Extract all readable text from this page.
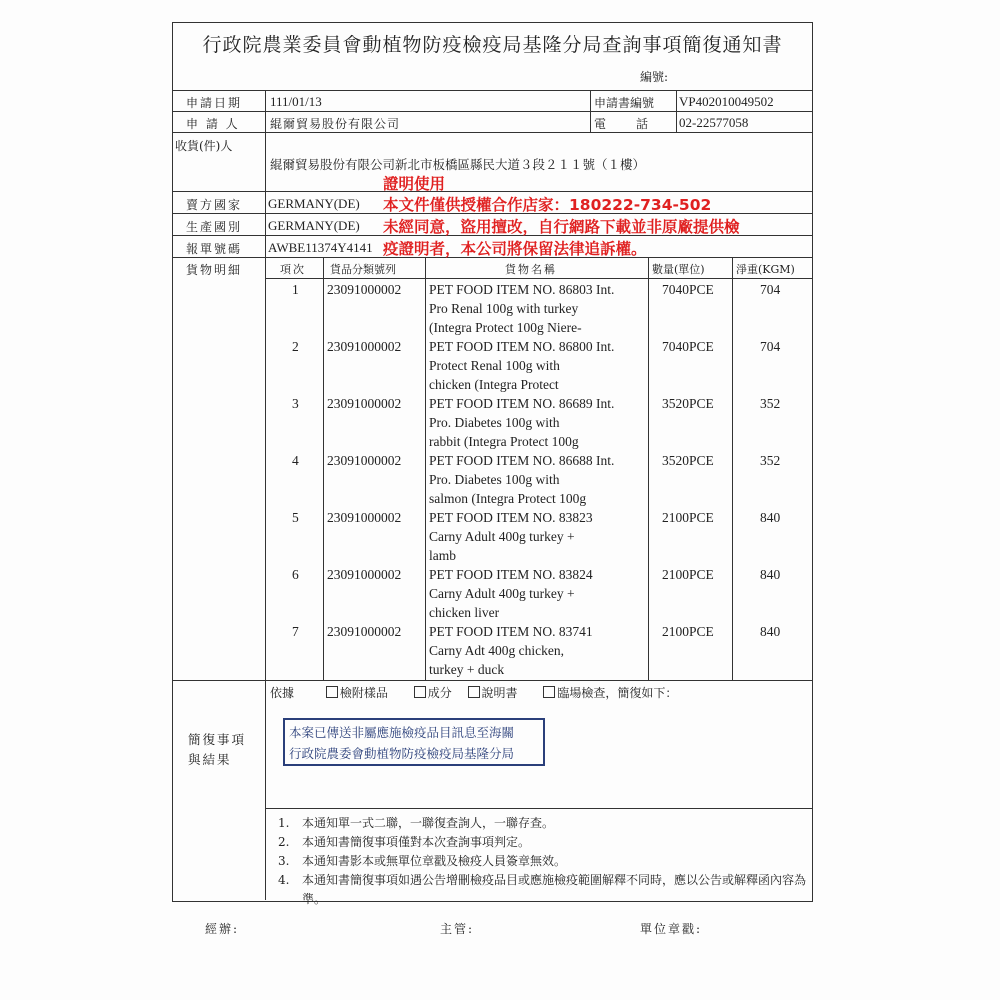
行政院農業委員會動植物防疫檢疫局基隆分局查詢事項簡復通知書
編號:
申請日期 111/01/13	申請書編號 VP402010049502
申 請 人	緄爾貿易股份有限公司	電　　話 02-22577058
收貨(件)人
緄爾貿易股份有限公司新北市板橋區縣民大道３段２１１號（１樓）
賣方國家 GERMANY(DE)
生產國別 GERMANY(DE)
報單號碼 AWBE11374Y4141
貨物明細
證明使用
本文件僅供授權合作店家：180222-734-502
未經同意，盜用擅改，自行網路下載並非原廠提供檢
疫證明者，本公司將保留法律追訴權。
項次 貨品分類號列	貨物名稱	數量(單位)	淨重(KGM)
1 23091000002 PET FOOD ITEM NO. 86803 Int.
Pro Renal 100g with turkey
(Integra Protect 100g Niere-
7040PCE	704
2 23091000002 PET FOOD ITEM NO. 86800 Int.
Protect Renal 100g with
chicken (Integra Protect
7040PCE	704
3 23091000002 PET FOOD ITEM NO. 86689 Int.
Pro. Diabetes 100g with
rabbit (Integra Protect 100g
3520PCE	352
4 23091000002 PET FOOD ITEM NO. 86688 Int.
Pro. Diabetes 100g with
salmon (Integra Protect 100g
3520PCE	352
5 23091000002 PET FOOD ITEM NO. 83823
Carny Adult 400g turkey +
lamb
2100PCE	840
6 23091000002 PET FOOD ITEM NO. 83824
Carny Adult 400g turkey +
chicken liver
2100PCE	840
7 23091000002 PET FOOD ITEM NO. 83741
Carny Adt 400g chicken,
turkey + duck
2100PCE	840
簡復事項與結果
依據	檢附樣品	成分 說明書	臨場檢查，簡復如下：
本案已傳送非屬應施檢疫品目訊息至海關
行政院農委會動植物防疫檢疫局基隆分局
1.	本通知單一式二聯，一聯復查詢人，一聯存查。
2.	本通知書簡復事項僅對本次查詢事項判定。
3.	本通知書影本或無單位章戳及檢疫人員簽章無效。
4.	本通知書簡復事項如遇公告增刪檢疫品目或應施檢疫範圍解釋不同時，應以公告或解釋函內容為準。
經辦:	主管:	單位章戳:
